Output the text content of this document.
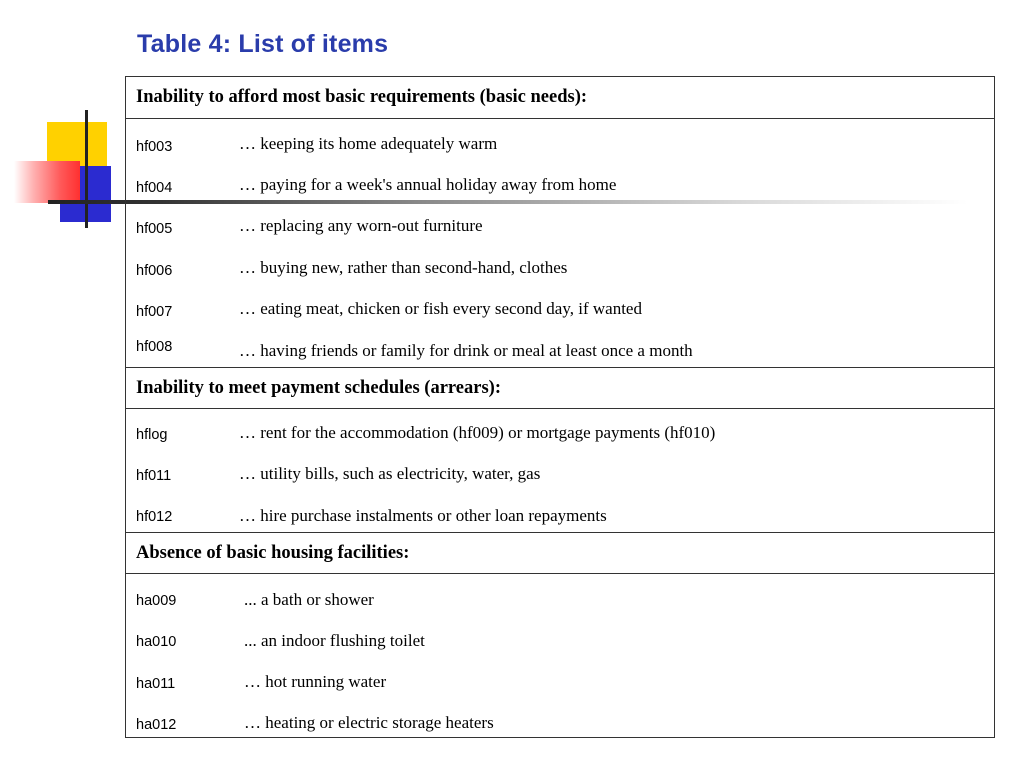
Table 4: List of items
Inability to afford most basic requirements (basic needs):
hf003	… keeping its home adequately warm
hf004	… paying for a week's annual holiday away from home
hf005	… replacing any worn-out furniture
hf006	… buying new, rather than second-hand, clothes
hf007	… eating meat, chicken or fish every second day, if wanted
hf008	… having friends or family for drink or meal at least once a month
Inability to meet payment schedules (arrears):
hflog	… rent for the accommodation (hf009) or mortgage payments (hf010)
hf011	… utility bills, such as electricity, water, gas
hf012	… hire purchase instalments or other loan repayments
Absence of basic housing facilities:
ha009	... a bath or shower
ha010	... an indoor flushing toilet
ha011	… hot running water
ha012	… heating or electric storage heaters
